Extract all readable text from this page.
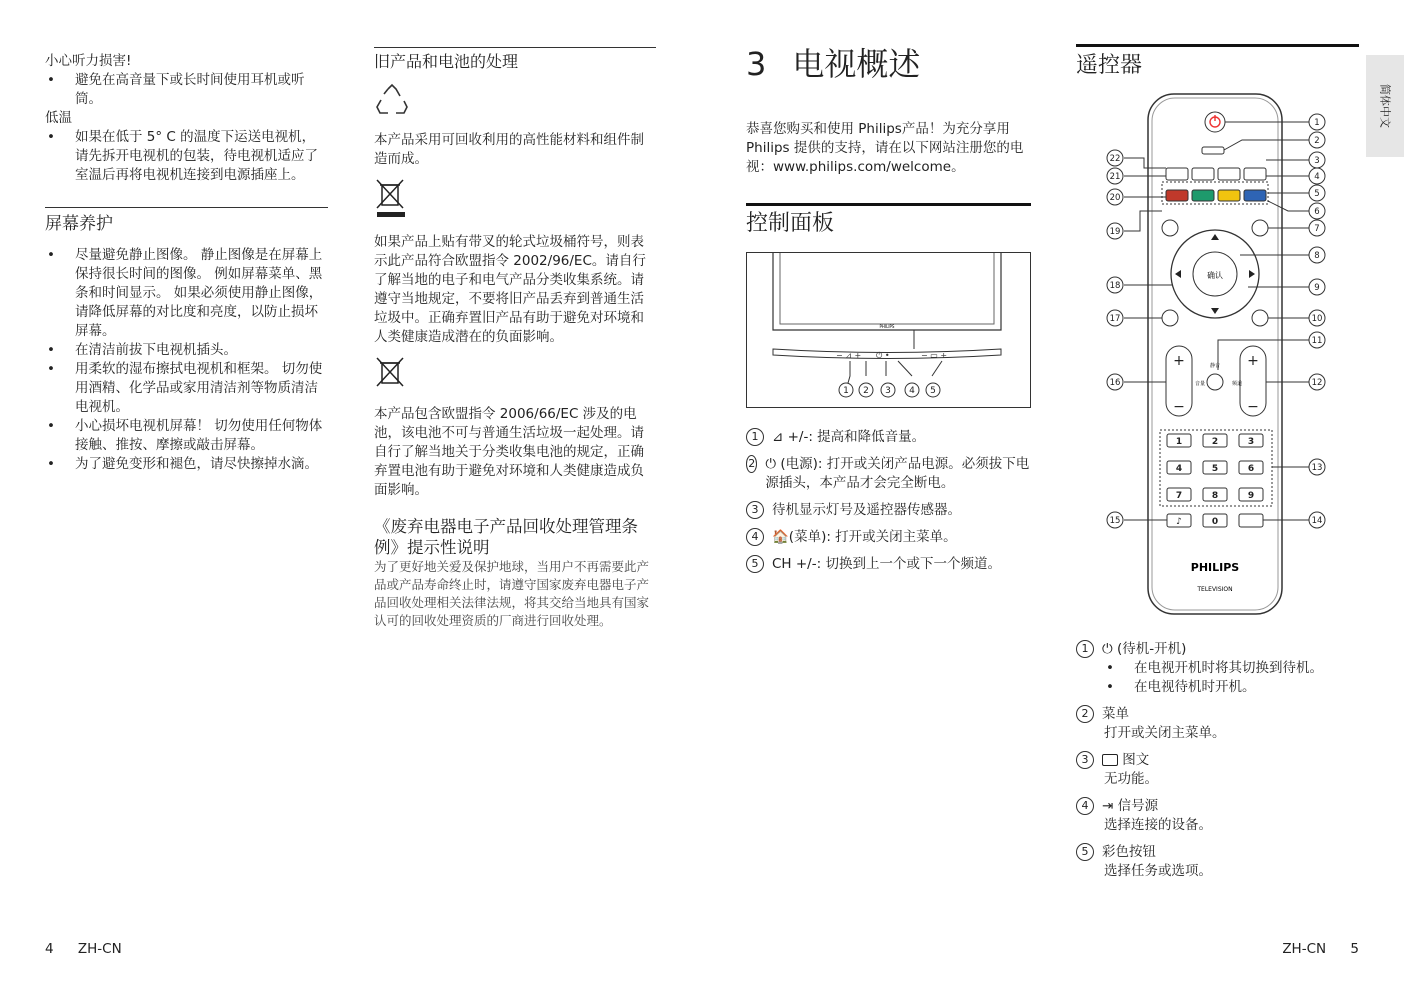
简体中文

小心听力损害!

• 避免在高音量下或长时间使用耳机或听筒。

低温

• 如果在低于 5° C 的温度下运送电视机，请先拆开电视机的包装，待电视机适应了室温后再将电视机连接到电源插座上。
屏幕养护
• 尽量避免静止图像。 静止图像是在屏幕上保持很长时间的图像。 例如屏幕菜单、黑条和时间显示。 如果必须使用静止图像，请降低屏幕的对比度和亮度，以防止损坏屏幕。
• 在清洁前拔下电视机插头。
• 用柔软的湿布擦拭电视机和框架。 切勿使用酒精、化学品或家用清洁剂等物质清洁电视机。
• 小心损坏电视机屏幕！ 切勿使用任何物体接触、推按、摩擦或敲击屏幕。
• 为了避免变形和褪色，请尽快擦掉水滴。
旧产品和电池的处理

本产品采用可回收利用的高性能材料和组件制造而成。

如果产品上贴有带叉的轮式垃圾桶符号，则表示此产品符合欧盟指令 2002/96/EC。请自行了解当地的电子和电气产品分类收集系统。请遵守当地规定，不要将旧产品丢弃到普通生活垃圾中。正确弃置旧产品有助于避免对环境和人类健康造成潜在的负面影响。

本产品包含欧盟指令 2006/66/EC 涉及的电池，该电池不可与普通生活垃圾一起处理。请自行了解当地关于分类收集电池的规定，正确弃置电池有助于避免对环境和人类健康造成负面影响。

《废弃电器电子产品回收处理管理条例》提示性说明

为了更好地关爱及保护地球，当用户不再需要此产品或产品寿命终止时，请遵守国家废弃电器电子产品回收处理相关法律法规，将其交给当地具有国家认可的回收处理资质的厂商进行回收处理。

3 电视概述

恭喜您购买和使用 Philips产品！为充分享用Philips 提供的支持，请在以下网站注册您的电视：www.philips.com/welcome。

控制面板
PHILIPS
− ⊿ + ⏻ •	− ▭ +
1 2 3 4 5
1	⊿ +/-: 提高和降低音量。
2 ⏻ (电源): 打开或关闭产品电源。必须拔下电源插头，本产品才会完全断电。
3	待机显示灯号及遥控器传感器。
4	🏠(菜单): 打开或关闭主菜单。
5	CH +/-: 切换到上一个或下一个频道。
遥控器
确认
+
−
+
−
音量	频道
静音
1	2	3
4	5	6
7	8	9
0
♪
PHILIPS
TELEVISION
1
2
3
4
5
6
7
8
9
10
11
12
13
14
15
16
17
18
19
20
21
22
1 ⏻ (待机-开机)
• 在电视开机时将其切换到待机。
• 在电视待机时开机。
2 菜单

打开或关闭主菜单。

3	图文

无功能。

4 ⇥ 信号源

选择连接的设备。

5 彩色按钮

选择任务或选项。

4 ZH-CN	ZH-CN 5
